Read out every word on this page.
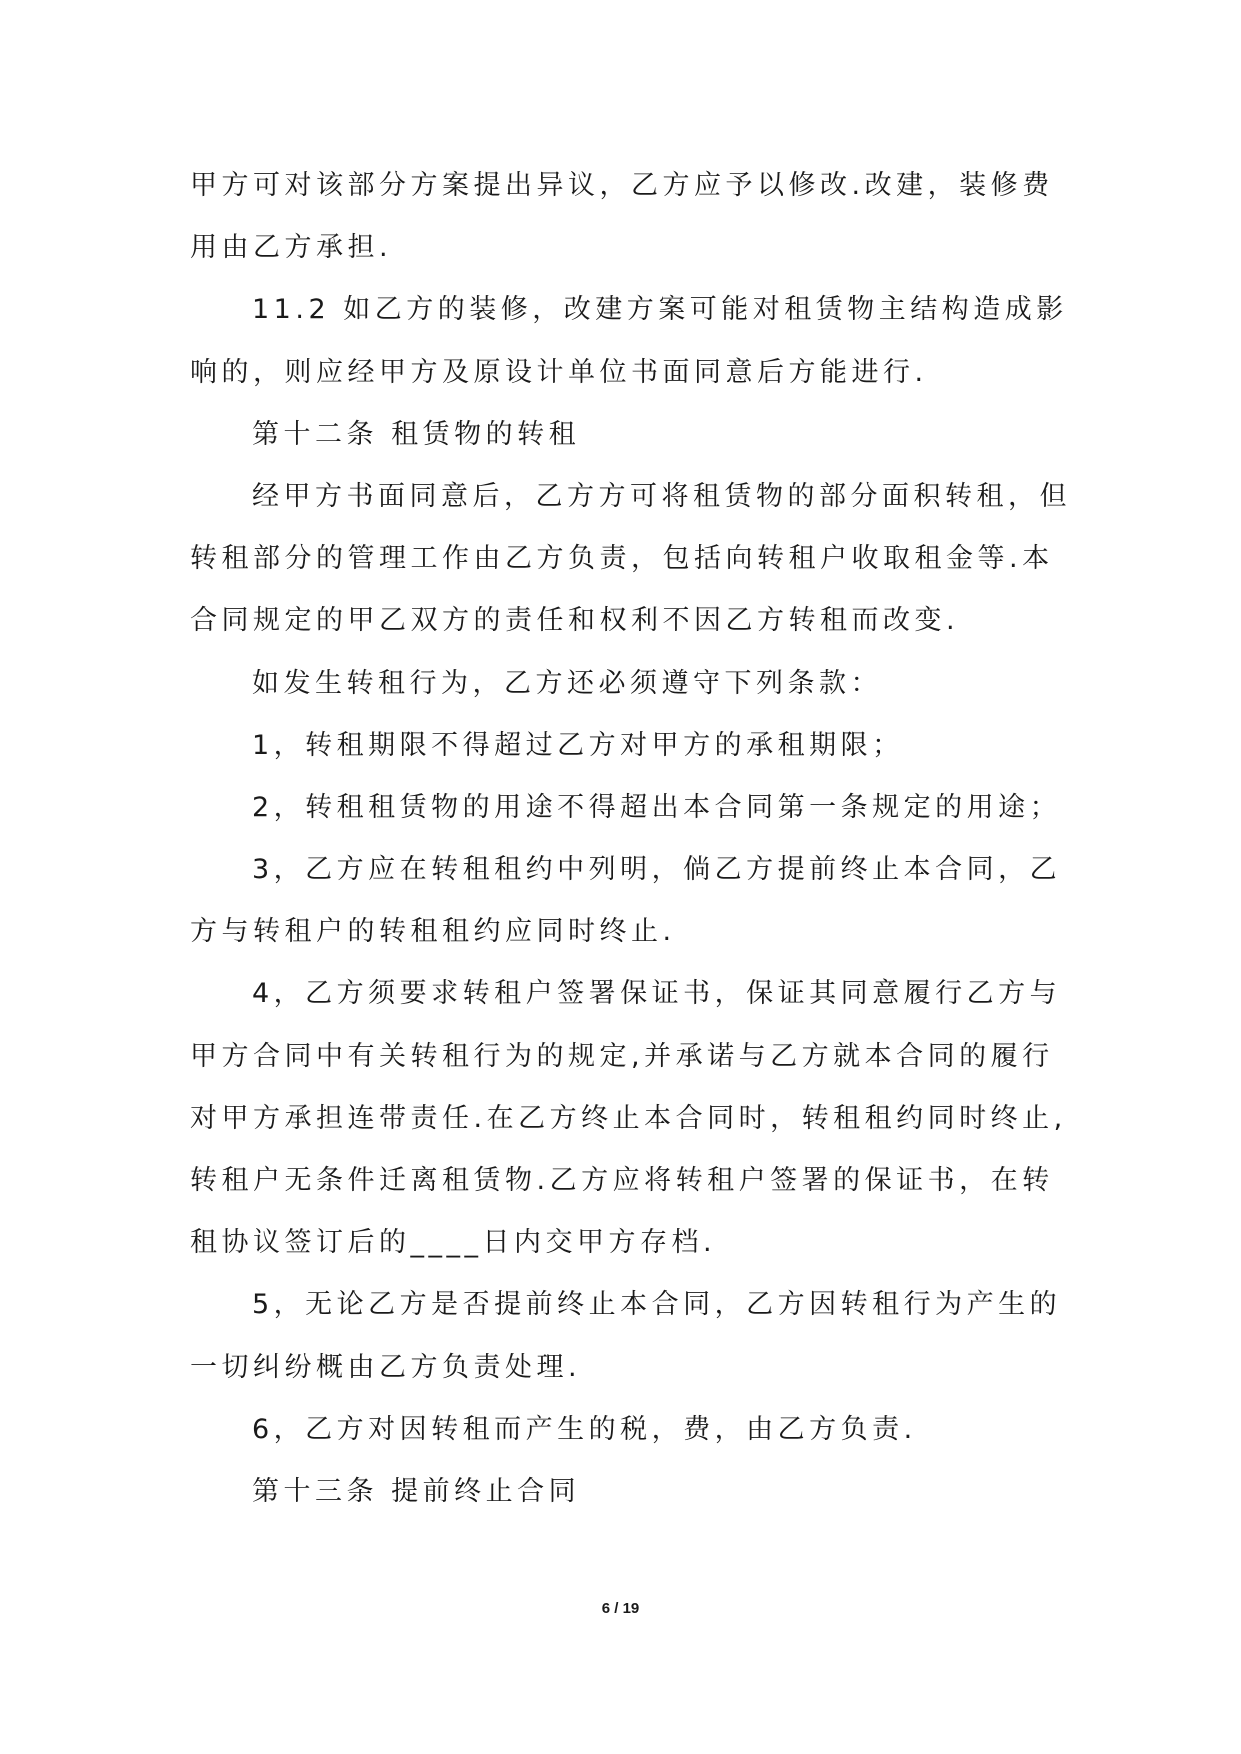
甲方可对该部分方案提出异议，乙方应予以修改.改建，装修费
用由乙方承担.
11.2 如乙方的装修，改建方案可能对租赁物主结构造成影
响的，则应经甲方及原设计单位书面同意后方能进行.
第十二条 租赁物的转租
经甲方书面同意后，乙方方可将租赁物的部分面积转租，但
转租部分的管理工作由乙方负责，包括向转租户收取租金等.本
合同规定的甲乙双方的责任和权利不因乙方转租而改变.
如发生转租行为，乙方还必须遵守下列条款：
1，转租期限不得超过乙方对甲方的承租期限；
2，转租租赁物的用途不得超出本合同第一条规定的用途；
3，乙方应在转租租约中列明，倘乙方提前终止本合同，乙
方与转租户的转租租约应同时终止.
4，乙方须要求转租户签署保证书，保证其同意履行乙方与
甲方合同中有关转租行为的规定,并承诺与乙方就本合同的履行
对甲方承担连带责任.在乙方终止本合同时，转租租约同时终止,
转租户无条件迁离租赁物.乙方应将转租户签署的保证书，在转
租协议签订后的____日内交甲方存档.
5，无论乙方是否提前终止本合同，乙方因转租行为产生的
一切纠纷概由乙方负责处理.
6，乙方对因转租而产生的税，费，由乙方负责.
第十三条 提前终止合同
6 / 19
